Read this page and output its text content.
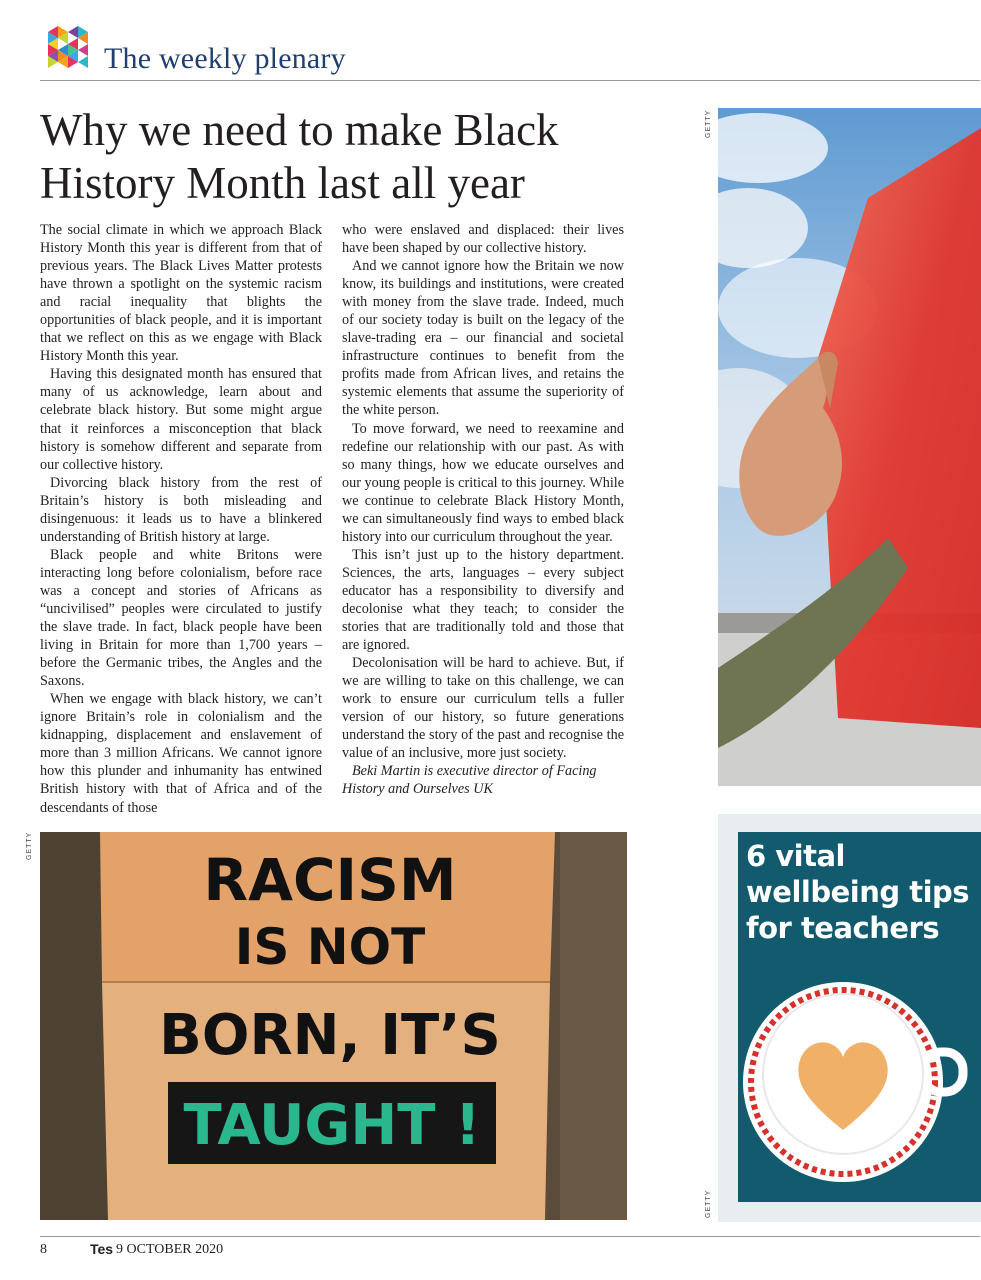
The weekly plenary
Why we need to make Black History Month last all year

The social climate in which we approach Black History Month this year is different from that of previous years. The Black Lives Matter protests have thrown a spotlight on the systemic racism and racial inequality that blights the opportunities of black people, and it is important that we reflect on this as we engage with Black History Month this year.

Having this designated month has ensured that many of us acknowledge, learn about and celebrate black history. But some might argue that it reinforces a misconception that black history is somehow different and separate from our collective history.

Divorcing black history from the rest of Britain’s history is both misleading and disingenuous: it leads us to have a blinkered understanding of British history at large.

Black people and white Britons were interacting long before colonialism, before race was a concept and stories of Africans as “uncivilised” peoples were circulated to justify the slave trade. In fact, black people have been living in Britain for more than 1,700 years – before the Germanic tribes, the Angles and the Saxons.

When we engage with black history, we can’t ignore Britain’s role in colonialism and the kidnapping, displacement and enslavement of more than 3 million Africans. We cannot ignore how this plunder and inhumanity has entwined British history with that of Africa and of the descendants of those

who were enslaved and displaced: their lives have been shaped by our collective history.

And we cannot ignore how the Britain we now know, its buildings and institutions, were created with money from the slave trade. Indeed, much of our society today is built on the legacy of the slave-trading era – our financial and societal infrastructure continues to benefit from the profits made from African lives, and retains the systemic elements that assume the superiority of the white person.

To move forward, we need to reexamine and redefine our relationship with our past. As with so many things, how we educate ourselves and our young people is critical to this journey. While we continue to celebrate Black History Month, we can simultaneously find ways to embed black history into our curriculum throughout the year.

This isn’t just up to the history department. Sciences, the arts, languages – every subject educator has a responsibility to diversify and decolonise what they teach; to consider the stories that are traditionally told and those that are ignored.

Decolonisation will be hard to achieve. But, if we are willing to take on this challenge, we can work to ensure our curriculum tells a fuller version of our history, so future generations understand the story of the past and recognise the value of an inclusive, more just society.

Beki Martin is executive director of Facing History and Ourselves UK

GETTY
GETTY
GETTY
RACISM
IS NOT
BORN, IT’S
TAUGHT !
6 vital wellbeing tips for teachers
8	Tes 9 OCTOBER 2020
